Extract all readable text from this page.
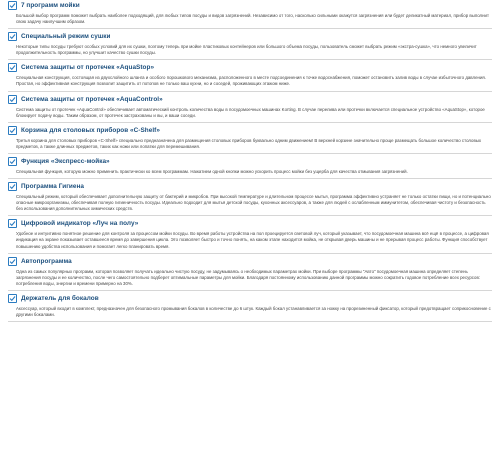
7 программ мойки

Большой выбор программ поможет выбрать наиболее подходящий, для любых типов посуды и видов загрязнений. Независимо от того, насколько сильными окажутся загрязнения или будет деликатный материал, прибор выполнит свою задачу наилучшим образом.

Специальный режим сушки

Некоторые типы посуды требуют особых условий для их сушки, поэтому теперь при мойке пластиковых контейнеров или большого объема посуды, пользователь сможет выбрать режим «экстра-сушка», что немного увеличит продолжительность программы, но улучшит качество сушки посуды.

Система защиты от протечек «AquaStop»

Специальная конструкция, состоящая из двухслойного шланга и особого порошкового механизма, расположенного в месте подсоединения к точке водоснабжения, поможет остановить залив воды в случае избыточного давления. Простая, но эффективная конструкция позволит защитить от потопов не только ваш кухни, но и соседей, проживающих этажом ниже.

Система защиты от протечек «AquaControl»

Система защиты от протечек «AquaControl» обеспечивает автоматический контроль количества воды в посудомоечных машинах Korting. В случае перелива или протечки включается специальное устройство «AquaStop», которое блокирует подачу воды. Таким образом, от протечек застрахованы и вы, и ваши соседи.

Корзина для столовых приборов «C-Shelf»

Третья корзина для столовых приборов «C-Shelf» специально предназначена для размещения столовых приборов буквально одним движением! В верхней корзине значительно проще размещать большое количество столовых предметов, а также длинных предметов, таких как ножи или лопатки для перемешивания.

Функция «Экспресс-мойка»

Специальная функция, которую можно применить практически ко всем программам. Нажатием одной кнопки можно ускорить процесс мойки без ущерба для качества отмывания загрязнений.

Программа Гигиена

Специальный режим, который обеспечивает дополнительную защиту от бактерий и микробов. При высокой температуре и длительном процессе мытья, программа эффективно устраняет не только остатки пищи, но и потенциально опасные микроорганизмы, обеспечивая полную гигиеничность посуды. Идеально подходит для мытья детской посуды, кухонных аксессуаров, а также для людей с ослабленным иммунитетом, обеспечивая чистоту и безопасность без использования дополнительных химических средств.

Цифровой индикатор «Луч на полу»

Удобное и интуитивно понятное решение для контроля за процессом мойки посуды. Во время работы устройства на пол проецируется световой луч, который указывает, что посудомоечная машина всё ещё в процессе, а цифровая индикация на экране показывает оставшееся время до завершения цикла. Это позволяет быстро и точно понять, на каком этапе находится мойка, не открывая дверь машины и не прерывая процесс работы. Функция способствует повышению удобства использования и помогает легко планировать время.

Автопрограмма

Одна из самых популярных программ, которая позволяет получать идеально чистую посуду, не задумываясь о необходимых параметрах мойки. При выборе программы "Авто" посудомоечная машина определяет степень загрязнения посуды и ее количество, после чего самостоятельно подберет оптимальные параметры для мойки. Благодаря постоянному использованию данной программы можно сократить годовое потребление всех ресурсов: потребления воды, энергии и времени примерно на 30%.

Держатель для бокалов

Аксессуар, который входит в комплект, предназначен для безопасного промывания бокалов в количестве до 6 штук. Каждый бокал устанавливается за ножку на прорезиненный фиксатор, который предотвращает соприкосновение с другими бокалами.
